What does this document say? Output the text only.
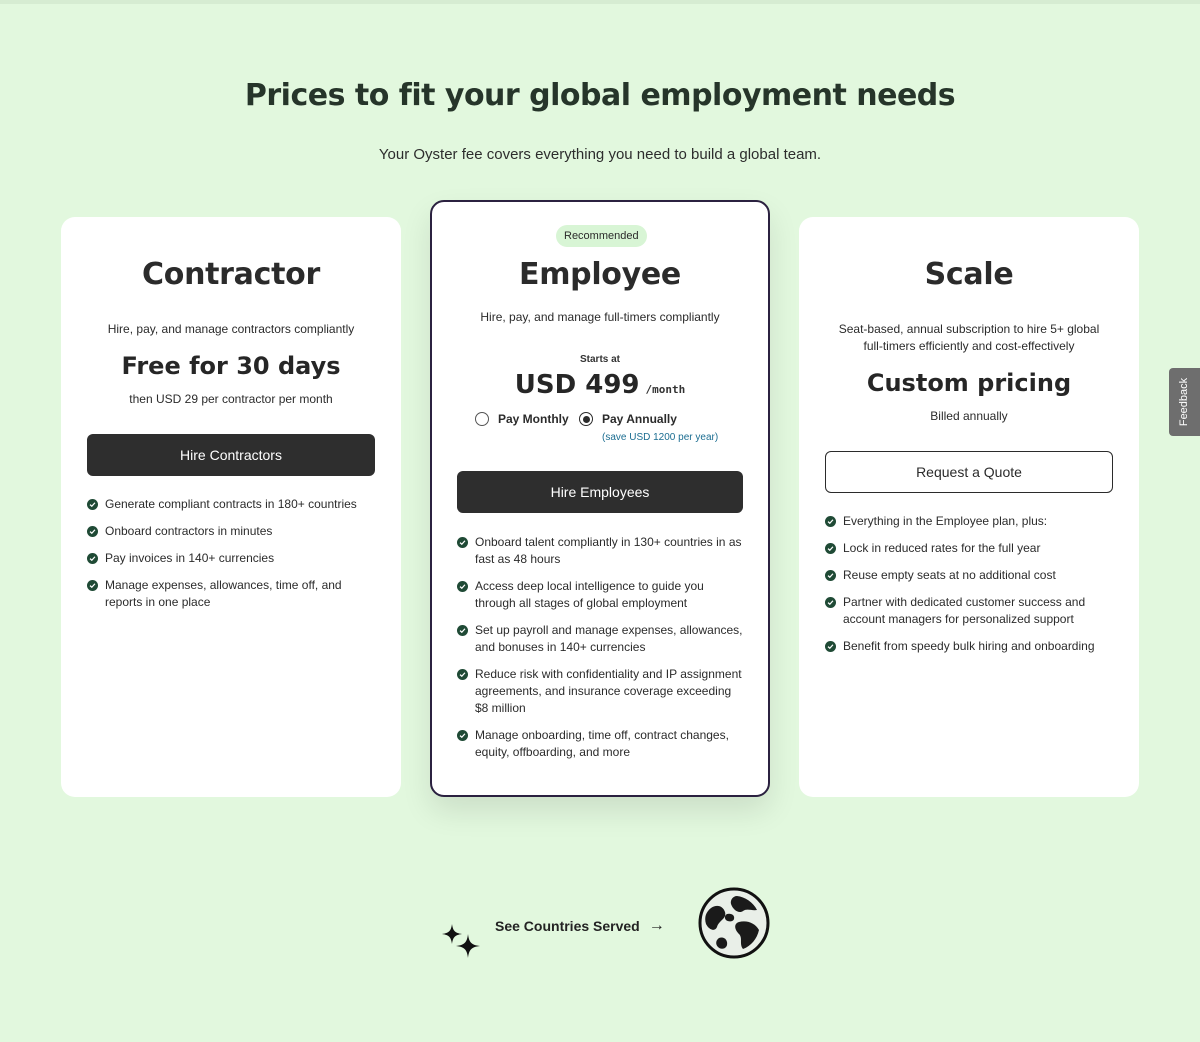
Prices to fit your global employment needs
Your Oyster fee covers everything you need to build a global team.
Contractor
Hire, pay, and manage contractors compliantly
Free for 30 days
then USD 29 per contractor per month
Hire Contractors
Generate compliant contracts in 180+ countries
Onboard contractors in minutes
Pay invoices in 140+ currencies
Manage expenses, allowances, time off, and reports in one place
Recommended
Employee
Hire, pay, and manage full-timers compliantly
Starts at
USD 499 /month
Pay Monthly	Pay Annually
(save USD 1200 per year)
Hire Employees
Onboard talent compliantly in 130+ countries in as fast as 48 hours
Access deep local intelligence to guide you through all stages of global employment
Set up payroll and manage expenses, allowances, and bonuses in 140+ currencies
Reduce risk with confidentiality and IP assignment agreements, and insurance coverage exceeding $8 million
Manage onboarding, time off, contract changes, equity, offboarding, and more
Scale
Seat-based, annual subscription to hire 5+ global full-timers efficiently and cost-effectively
Custom pricing
Billed annually
Request a Quote
Everything in the Employee plan, plus:
Lock in reduced rates for the full year
Reuse empty seats at no additional cost
Partner with dedicated customer success and account managers for personalized support
Benefit from speedy bulk hiring and onboarding
Feedback
See Countries Served →
